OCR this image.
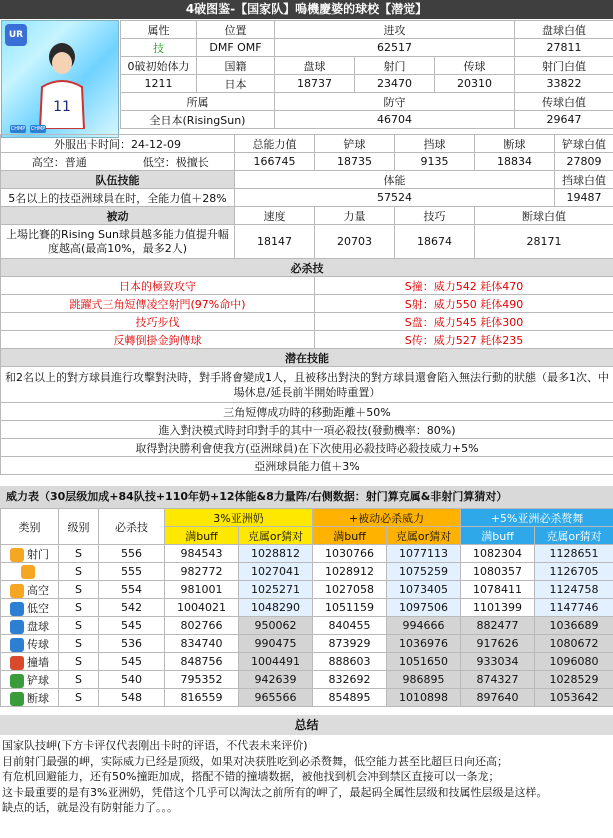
4破图鉴-【国家队】嗚機慶婆的球校【潜觉】
UR
11
CHMP CHMP
属性	位置	进攻			盘球白值
技	DMF OMF	62517			27811
0破初始体力	国籍	盘球	射门	传球	射门白值
1211	日本	18737	23470	20310	33822
所属		防守			传球白值
全日本(RisingSun)		46704			29647
外服出卡时间：24-12-09	总能力值	铲球	挡球	断球	铲球白值
高空：普通 低空：极擅长	166745	18735	9135	18834	27809
队伍技能	体能				挡球白值
5名以上的技亞洲球員在时，全能力值＋28%	57524				19487
被动	速度	力量	技巧	断球白值	
上場比賽的Rising Sun球員越多能力值提升幅度越高(最高10%，最多2人)	18147	20703	18674	28171	
必杀技					
日本的極致攻守		S撞：威力542 耗体470			
跳躍式三角短傳凌空射門(97%命中)		S射：威力550 耗体490			
技巧步伐		S盘：威力545 耗体300			
反轉倒掛金鉤傳球		S传：威力527 耗体235			
潜在技能					
和2名以上的對方球員進行攻擊對決時，對手將會變成1人，且被移出對決的對方球員還會陷入無法行動的狀態（最多1次、中場休息/延長前半開始時重置）					
三角短傳成功時的移動距離＋50%					
進入對決模式時封印對手的其中一項必殺技(發動機率：80%)					
取得對決勝利會使我方(亞洲球員)在下次使用必殺技時必殺技威力+5%					
亞洲球員能力值＋3%					
威力表（30层级加成+84队技+110年奶+12体能&8力量阵/右侧数据：射门算克属&非射门算猜对）
类别	级别	必杀技	3%亚洲奶		+被动必杀威力		+5%亚洲必杀赘舞	
			满buff	克属or猜对	满buff	克属or猜对	满buff	克属or猜对
射门	S	556	984543	1028812	1030766	1077113	1082304	1128651
	S	555	982772	1027041	1028912	1075259	1080357	1126705
高空	S	554	981001	1025271	1027058	1073405	1078411	1124758
低空	S	542	1004021	1048290	1051159	1097506	1101399	1147746
盘球	S	545	802766	950062	840455	994666	882477	1036689
传球	S	536	834740	990475	873929	1036976	917626	1080672
撞墙	S	545	848756	1004491	888603	1051650	933034	1096080
铲球	S	540	795352	942639	832692	986895	874327	1028529
断球	S	548	816559	965566	854895	1010898	897640	1053642
总结
国家队技岬(下方卡评仅代表刚出卡时的评语，不代表未来评价)
目前射门最强的岬，实际威力已经是顶级，如果对决获胜吃到必杀赘舞，低空能力甚至比超巨日向还高；
有危机回避能力，还有50%撞距加成，搭配不错的撞墙数据，被他找到机会冲到禁区直接可以一条龙；
这卡最重要的是有3%亚洲奶，凭借这个几乎可以淘汰之前所有的岬了，最起码全属性层级和技属性层级是这样。
缺点的话，就是没有防射能力了。。。
